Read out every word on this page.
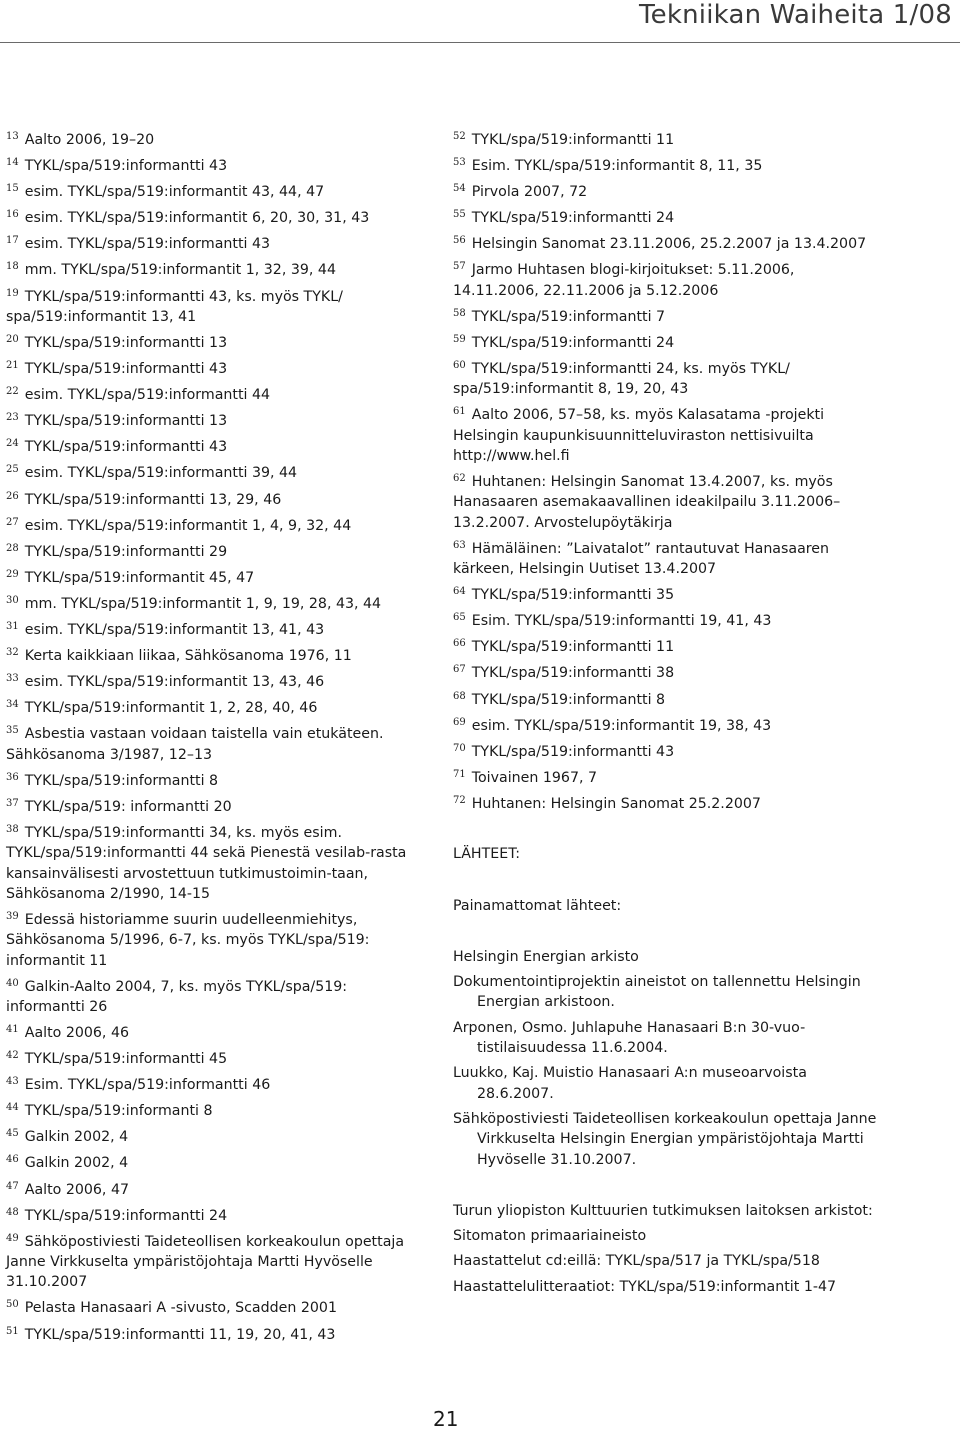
Tekniikan Waiheita 1/08
$^{13}$ Aalto 2006, 19–20
$^{14}$ TYKL/spa/519:informantti 43
$^{15}$ esim. TYKL/spa/519:informantit 43, 44, 47
$^{16}$ esim. TYKL/spa/519:informantit 6, 20, 30, 31, 43
$^{17}$ esim. TYKL/spa/519:informantti 43
$^{18}$ mm. TYKL/spa/519:informantit 1, 32, 39, 44
$^{19}$ TYKL/spa/519:informantti 43, ks. myös TYKL/ spa/519:informantit 13, 41
$^{20}$ TYKL/spa/519:informantti 13
$^{21}$ TYKL/spa/519:informantti 43
$^{22}$ esim. TYKL/spa/519:informantti 44
$^{23}$ TYKL/spa/519:informantti 13
$^{24}$ TYKL/spa/519:informantti 43
$^{25}$ esim. TYKL/spa/519:informantti 39, 44
$^{26}$ TYKL/spa/519:informantti 13, 29, 46
$^{27}$ esim. TYKL/spa/519:informantit 1, 4, 9, 32, 44
$^{28}$ TYKL/spa/519:informantti 29
$^{29}$ TYKL/spa/519:informantit 45, 47
$^{30}$ mm. TYKL/spa/519:informantit 1, 9, 19, 28, 43, 44
$^{31}$ esim. TYKL/spa/519:informantit 13, 41, 43
$^{32}$ Kerta kaikkiaan liikaa, Sähkösanoma 1976, 11
$^{33}$ esim. TYKL/spa/519:informantit 13, 43, 46
$^{34}$ TYKL/spa/519:informantit 1, 2, 28, 40, 46
$^{35}$ Asbestia vastaan voidaan taistella vain etukäteen. Sähkösanoma 3/1987, 12–13
$^{36}$ TYKL/spa/519:informantti 8
$^{37}$ TYKL/spa/519: informantti 20
$^{38}$ TYKL/spa/519:informantti 34, ks. myös esim. TYKL/spa/519:informantti 44 sekä Pienestä vesilab-rasta kansainvälisesti arvostettuun tutkimustoimin-taan, Sähkösanoma 2/1990, 14-15
$^{39}$ Edessä historiamme suurin uudelleenmiehitys, Sähkösanoma 5/1996, 6-7, ks. myös TYKL/spa/519: informantit 11
$^{40}$ Galkin-Aalto 2004, 7, ks. myös TYKL/spa/519: informantti 26
$^{41}$ Aalto 2006, 46
$^{42}$ TYKL/spa/519:informantti 45
$^{43}$ Esim. TYKL/spa/519:informantti 46
$^{44}$ TYKL/spa/519:informanti 8
$^{45}$ Galkin 2002, 4
$^{46}$ Galkin 2002, 4
$^{47}$ Aalto 2006, 47
$^{48}$ TYKL/spa/519:informantti 24
$^{49}$ Sähköpostiviesti Taideteollisen korkeakoulun opettaja Janne Virkkuselta ympäristöjohtaja Martti Hyvöselle 31.10.2007
$^{50}$ Pelasta Hanasaari A -sivusto, Scadden 2001
$^{51}$ TYKL/spa/519:informantti 11, 19, 20, 41, 43
$^{52}$ TYKL/spa/519:informantti 11
$^{53}$ Esim. TYKL/spa/519:informantit 8, 11, 35
$^{54}$ Pirvola 2007, 72
$^{55}$ TYKL/spa/519:informantti 24
$^{56}$ Helsingin Sanomat 23.11.2006, 25.2.2007 ja 13.4.2007
$^{57}$ Jarmo Huhtasen blogi-kirjoitukset: 5.11.2006, 14.11.2006, 22.11.2006 ja 5.12.2006
$^{58}$ TYKL/spa/519:informantti 7
$^{59}$ TYKL/spa/519:informantti 24
$^{60}$ TYKL/spa/519:informantti 24, ks. myös TYKL/ spa/519:informantit 8, 19, 20, 43
$^{61}$ Aalto 2006, 57–58, ks. myös Kalasatama -projekti Helsingin kaupunkisuunnitteluviraston nettisivuilta http://www.hel.fi
$^{62}$ Huhtanen: Helsingin Sanomat 13.4.2007, ks. myös Hanasaaren asemakaavallinen ideakilpailu 3.11.2006–13.2.2007. Arvostelupöytäkirja
$^{63}$ Hämäläinen: ”Laivatalot” rantautuvat Hanasaaren kärkeen, Helsingin Uutiset 13.4.2007
$^{64}$ TYKL/spa/519:informantti 35
$^{65}$ Esim. TYKL/spa/519:informantti 19, 41, 43
$^{66}$ TYKL/spa/519:informantti 11
$^{67}$ TYKL/spa/519:informantti 38
$^{68}$ TYKL/spa/519:informantti 8
$^{69}$ esim. TYKL/spa/519:informantit 19, 38, 43
$^{70}$ TYKL/spa/519:informantti 43
$^{71}$ Toivainen 1967, 7
$^{72}$ Huhtanen: Helsingin Sanomat 25.2.2007
LÄHTEET:
Painamattomat lähteet:
Helsingin Energian arkisto
Dokumentointiprojektin aineistot on tallennettu Helsingin Energian arkistoon.
Arponen, Osmo. Juhlapuhe Hanasaari B:n 30-vuo-tistilaisuudessa 11.6.2004.
Luukko, Kaj. Muistio Hanasaari A:n museoarvoista 28.6.2007.
Sähköpostiviesti Taideteollisen korkeakoulun opettaja Janne Virkkuselta Helsingin Energian ympäristöjohtaja Martti Hyvöselle 31.10.2007.
Turun yliopiston Kulttuurien tutkimuksen laitoksen arkistot:
Sitomaton primaariaineisto
Haastattelut cd:eillä: TYKL/spa/517 ja TYKL/spa/518
Haastattelulitteraatiot: TYKL/spa/519:informantit 1-47
21
